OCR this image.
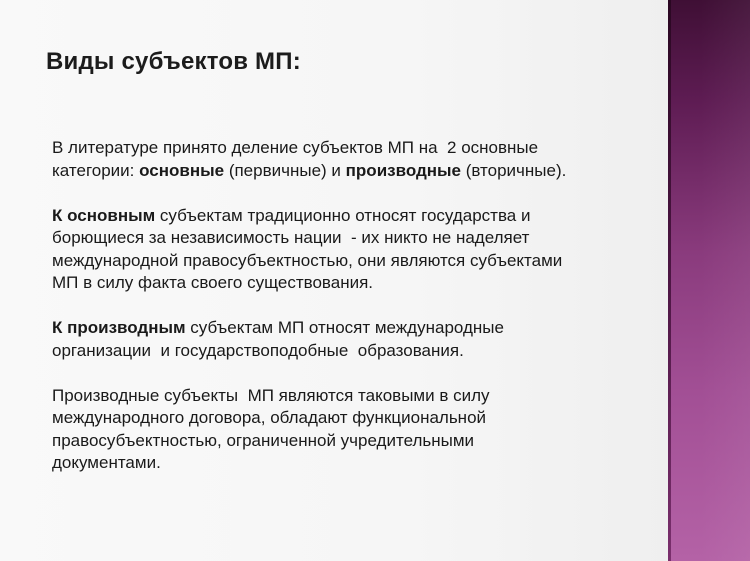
Виды субъектов МП:

В литературе принято деление субъектов МП на  2 основные
категории: основные (первичные) и производные (вторичные).

К основным субъектам традиционно относят государства и
борющиеся за независимость нации  - их никто не наделяет
международной правосубъектностью, они являются субъектами
МП в силу факта своего существования.

К производным субъектам МП относят международные
организации  и государствоподобные  образования.

Производные субъекты  МП являются таковыми в силу
международного договора, обладают функциональной
правосубъектностью, ограниченной учредительными
документами.
